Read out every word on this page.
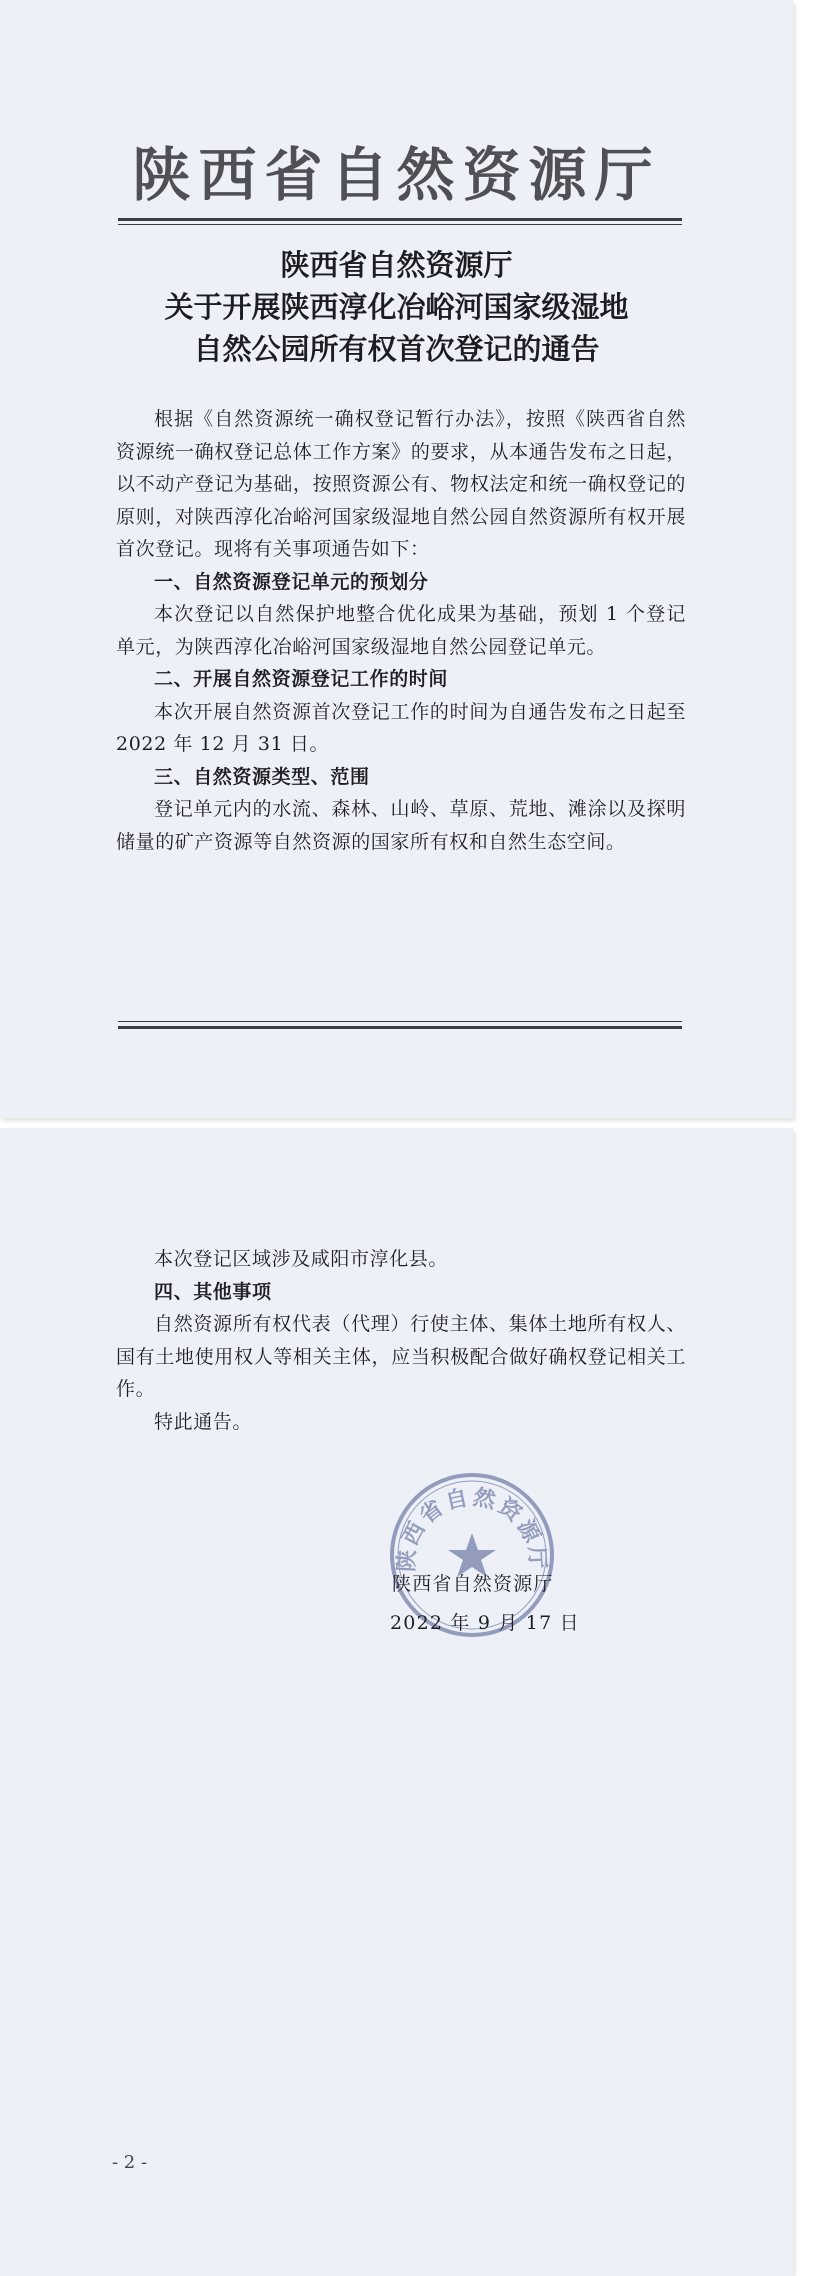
陕西省自然资源厅
陕西省自然资源厅
关于开展陕西淳化冶峪河国家级湿地
自然公园所有权首次登记的通告

根据《自然资源统一确权登记暂行办法》，按照《陕西省自然资源统一确权登记总体工作方案》的要求，从本通告发布之日起，以不动产登记为基础，按照资源公有、物权法定和统一确权登记的原则，对陕西淳化冶峪河国家级湿地自然公园自然资源所有权开展首次登记。现将有关事项通告如下：

一、自然资源登记单元的预划分

本次登记以自然保护地整合优化成果为基础，预划 1 个登记单元，为陕西淳化冶峪河国家级湿地自然公园登记单元。

二、开展自然资源登记工作的时间

本次开展自然资源首次登记工作的时间为自通告发布之日起至 2022 年 12 月 31 日。

三、自然资源类型、范围

登记单元内的水流、森林、山岭、草原、荒地、滩涂以及探明储量的矿产资源等自然资源的国家所有权和自然生态空间。

本次登记区域涉及咸阳市淳化县。

四、其他事项

自然资源所有权代表（代理）行使主体、集体土地所有权人、国有土地使用权人等相关主体，应当积极配合做好确权登记相关工作。

特此通告。

陕西省自然资源厅
陕西省自然资源厅
2022 年 9 月 17 日
- 2 -
